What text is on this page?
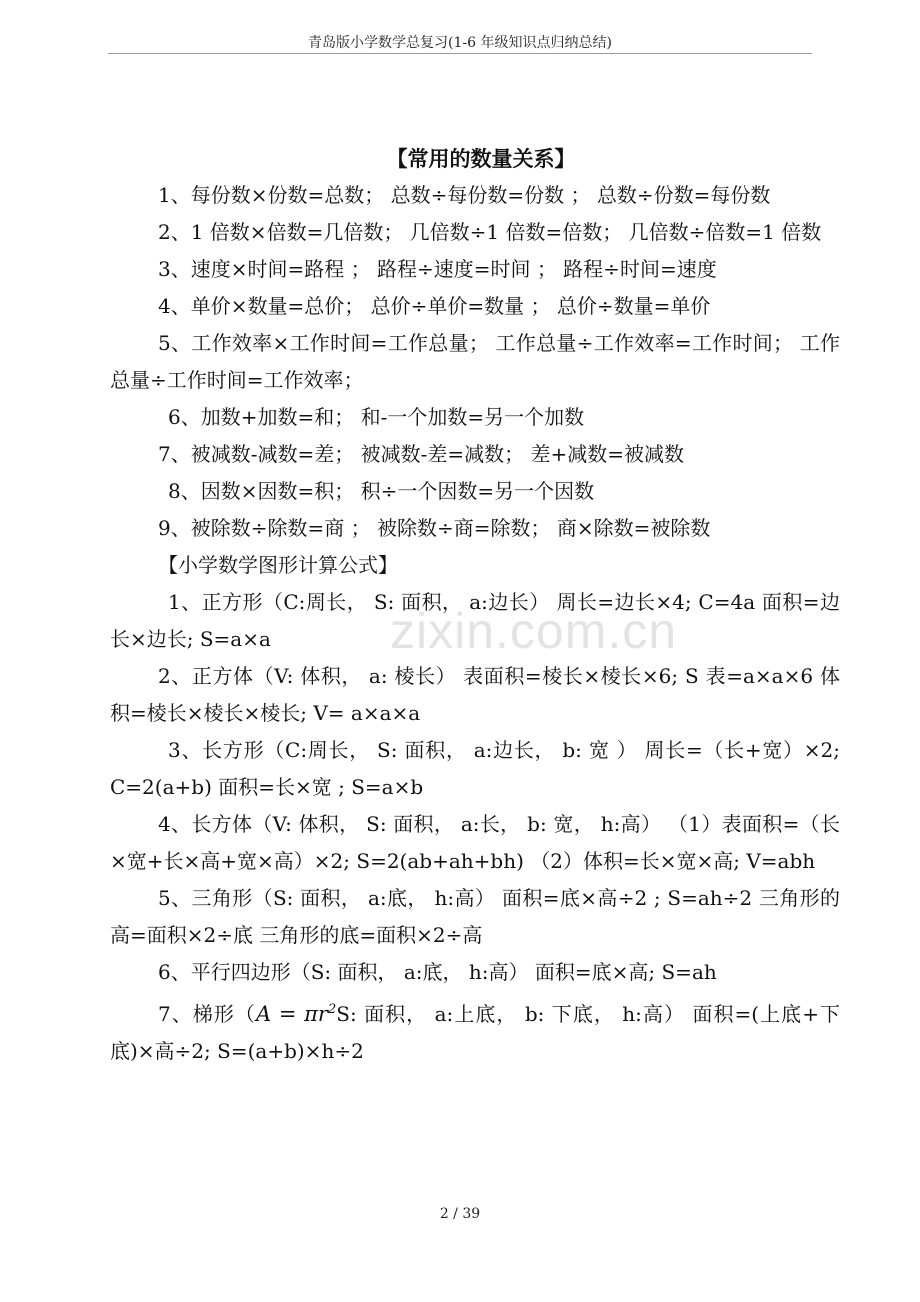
青岛版小学数学总复习(1-6 年级知识点归纳总结)
zixin.com.cn

【常用的数量关系】

1、每份数×份数=总数； 总数÷每份数=份数 ； 总数÷份数=每份数

2、1 倍数×倍数=几倍数； 几倍数÷1 倍数=倍数； 几倍数÷倍数=1 倍数

3、速度×时间=路程 ； 路程÷速度=时间 ； 路程÷时间=速度

4、单价×数量=总价； 总价÷单价=数量 ； 总价÷数量=单价

5、工作效率×工作时间=工作总量； 工作总量÷工作效率=工作时间； 工作总量÷工作时间=工作效率；

6、加数+加数=和； 和-一个加数=另一个加数

7、被减数-减数=差； 被减数-差=减数； 差+减数=被减数

8、因数×因数=积； 积÷一个因数=另一个因数

9、被除数÷除数=商 ； 被除数÷商=除数； 商×除数=被除数

【小学数学图形计算公式】

1、正方形（C:周长， S: 面积， a:边长） 周长=边长×4; C=4a 面积=边长×边长; S=a×a

2、正方体（V: 体积， a: 棱长） 表面积=棱长×棱长×6; S 表=a×a×6 体积=棱长×棱长×棱长; V= a×a×a

3、长方形（C:周长， S: 面积， a:边长， b: 宽 ） 周长=（长+宽）×2; C=2(a+b) 面积=长×宽 ; S=a×b

4、长方体（V: 体积， S: 面积， a:长， b: 宽， h:高） （1）表面积=（长×宽+长×高+宽×高）×2; S=2(ab+ah+bh) （2）体积=长×宽×高; V=abh

5、三角形（S: 面积， a:底， h:高） 面积=底×高÷2 ; S=ah÷2 三角形的高=面积×2÷底 三角形的底=面积×2÷高

6、平行四边形（S: 面积， a:底， h:高） 面积=底×高; S=ah

7、梯形（$A = \pi r^2S$: 面积， a:上底， b: 下底， h:高） 面积=(上底+下底)×高÷2; S=(a+b)×h÷2

2 / 39
